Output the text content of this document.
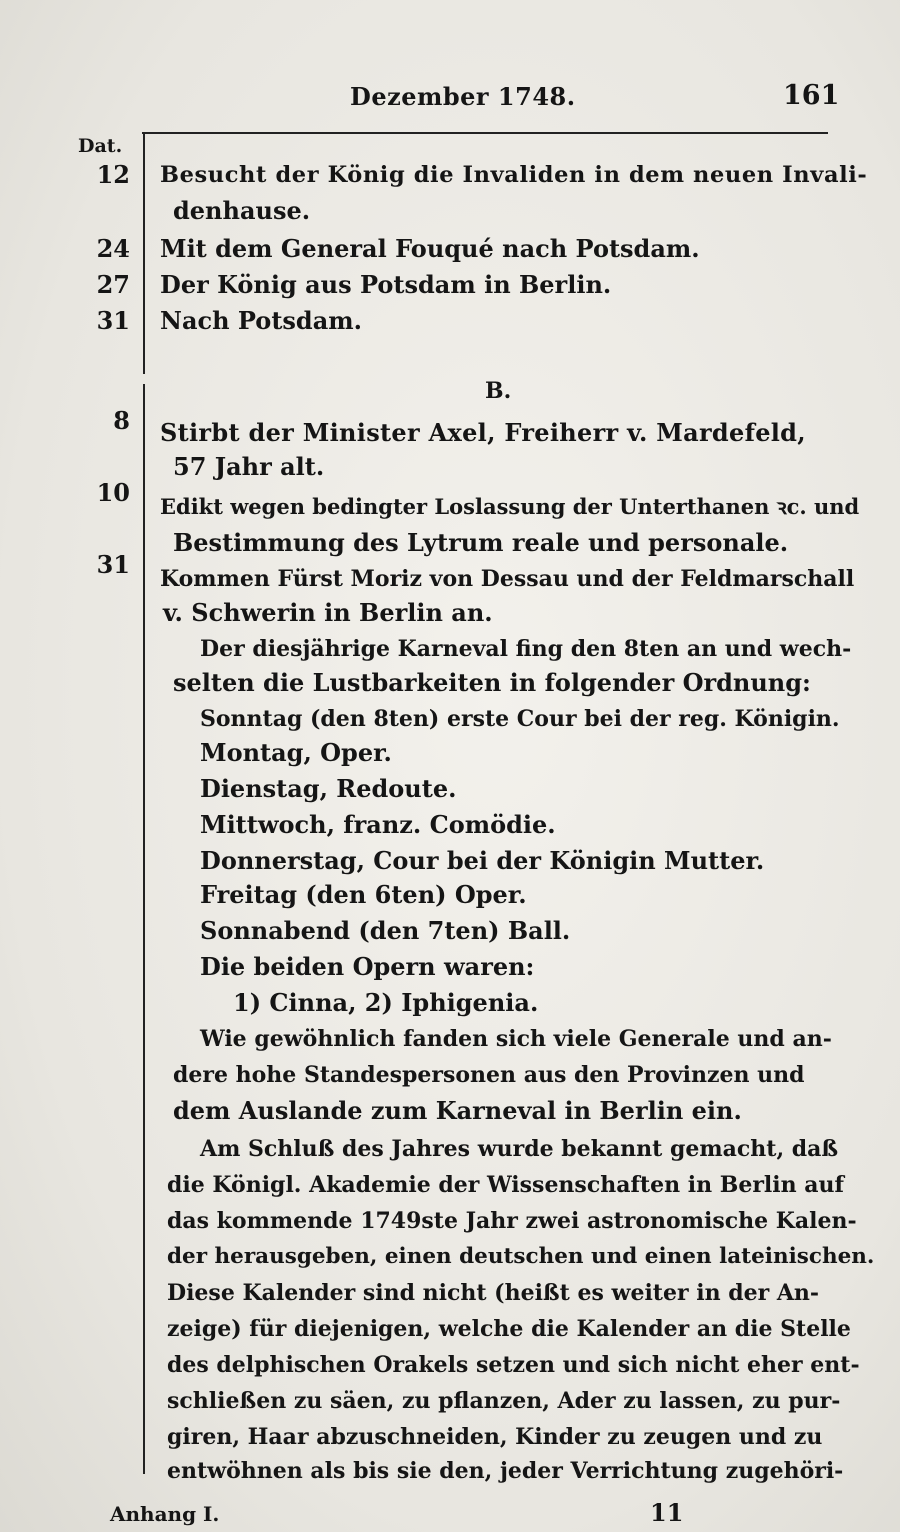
Dezember 1748.	161
Dat.
12 Besucht der König die Invaliden in dem neuen Invali-
denhause.
24 Mit dem General Fouqué nach Potsdam.
27 Der König aus Potsdam in Berlin.
31 Nach Potsdam.
B.
8 Stirbt der Minister Axel, Freiherr v. Mardefeld,
57 Jahr alt.
10 Edikt wegen bedingter Loslassung der Unterthanen ꝛc. und
Bestimmung des Lytrum reale und personale.
31 Kommen Fürst Moriz von Dessau und der Feldmarschall
v. Schwerin in Berlin an.
Der diesjährige Karneval fing den 8ten an und wech-
selten die Lustbarkeiten in folgender Ordnung:
Sonntag (den 8ten) erste Cour bei der reg. Königin.
Montag, Oper.
Dienstag, Redoute.
Mittwoch, franz. Comödie.
Donnerstag, Cour bei der Königin Mutter.
Freitag (den 6ten) Oper.
Sonnabend (den 7ten) Ball.
Die beiden Opern waren:
1) Cinna, 2) Iphigenia.
Wie gewöhnlich fanden sich viele Generale und an-
dere hohe Standespersonen aus den Provinzen und
dem Auslande zum Karneval in Berlin ein.
Am Schluß des Jahres wurde bekannt gemacht, daß
die Königl. Akademie der Wissenschaften in Berlin auf
das kommende 1749ste Jahr zwei astronomische Kalen-
der herausgeben, einen deutschen und einen lateinischen.
Diese Kalender sind nicht (heißt es weiter in der An-
zeige) für diejenigen, welche die Kalender an die Stelle
des delphischen Orakels setzen und sich nicht eher ent-
schließen zu säen, zu pflanzen, Ader zu lassen, zu pur-
giren, Haar abzuschneiden, Kinder zu zeugen und zu
entwöhnen als bis sie den, jeder Verrichtung zugehöri-
Anhang I.	11
